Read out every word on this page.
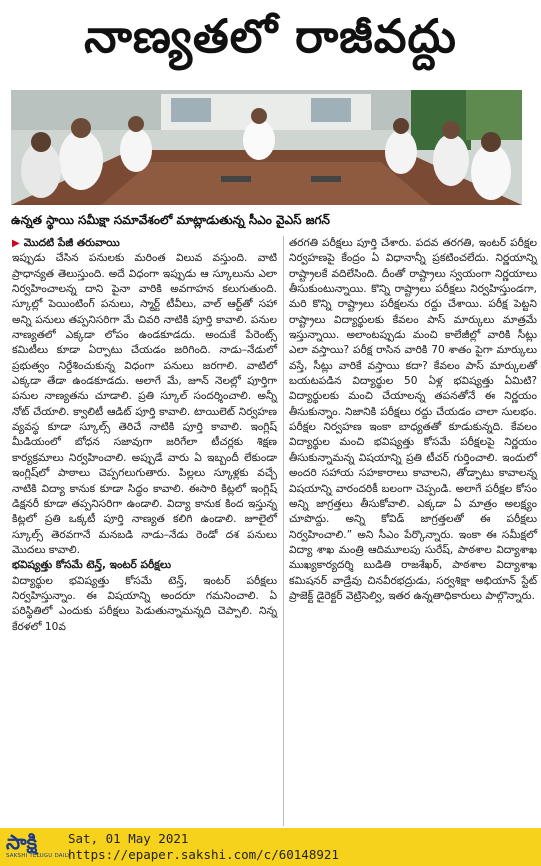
నాణ్యతలో రాజీవద్దు
ఉన్నత స్థాయి సమీక్షా సమావేశంలో మాట్లాడుతున్న సీఎం వైఎస్‌ జగన్‌

▶ మొదటి పేజీ తరువాయి

ఇప్పుడు చేసిన పనులకు మరింత విలువ వస్తుంది. వాటి ప్రాధాన్యత తెలుస్తుంది. అదే విధంగా ఇప్పుడు ఆ స్కూలును ఎలా నిర్వహించాలన్న దాని పైనా వారికి అవగాహన కలుగుతుంది. స్కూల్లో పెయింటింగ్‌ పనులు, స్మార్ట్‌ టీవీలు, వాల్‌ ఆర్ట్‌తో సహా అన్ని పనులు తప్పనిసరిగా మే చివరి నాటికి పూర్తి కావాలి. పనుల నాణ్యతలో ఎక్కడా లోపం ఉండకూడదు. అందుకే పేరెంట్స్‌ కమిటీలు కూడా ఏర్పాటు చేయడం జరిగింది. నాడు–నేడులో ప్రభుత్వం నిర్దేశించుకున్న విధంగా పనులు జరగాలి. వాటిలో ఎక్కడా తేడా ఉండకూడదు. అలాగే మే, జూన్‌ నెలల్లో పూర్తిగా పనుల నాణ్యతను చూడాలి. ప్రతి స్కూల్‌ సందర్శించాలి. అన్నీ నోట్‌ చేయాలి. క్వాలిటీ ఆడిట్‌ పూర్తి కావాలి. టాయిలెట్‌ నిర్వహణ వ్యవస్థ కూడా స్కూల్స్‌ తెరిచే నాటికి పూర్తి కావాలి. ఇంగ్లిష్‌ మీడియంలో బోధన సజావుగా జరిగేలా టీచర్లకు శిక్షణ కార్యక్రమాలు నిర్వహించాలి. అప్పుడే వారు ఏ ఇబ్బందీ లేకుండా ఇంగ్లిష్‌లో పాఠాలు చెప్పగలుగుతారు. పిల్లలు స్కూళ్లకు వచ్చే నాటికి విద్యా కానుక కూడా సిద్ధం కావాలి. ఈసారి కిట్లలో ఇంగ్లిష్‌ డిక్షనరీ కూడా తప్పనిసరిగా ఉండాలి. విద్యా కానుక కింద ఇస్తున్న కిట్లలో ప్రతి ఒక్కటీ పూర్తి నాణ్యత కలిగి ఉండాలి. జూలైలో స్కూల్స్‌ తెరవగానే మనబడి నాడు–నేడు రెండో దశ పనులు మొదలు కావాలి.

భవిష్యత్తు కోసమే టెన్త్‌, ఇంటర్‌ పరీక్షలు

విద్యార్థుల భవిష్యత్తు కోసమే టెన్త్‌, ఇంటర్‌ పరీక్షలు నిర్వహిస్తున్నాం. ఈ విషయాన్ని అందరూ గమనించాలి. ఏ పరిస్థితిలో ఎందుకు పరీక్షలు పెడుతున్నామన్నది చెప్పాలి. నిన్న కేరళలో 10వ

తరగతి పరీక్షలు పూర్తి చేశారు. పదవ తరగతి, ఇంటర్‌ పరీక్షల నిర్వహణపై కేంద్రం ఏ విధానాన్నీ ప్రకటించలేదు. నిర్ణయాన్ని రాష్ట్రాలకే వదిలేసింది. దీంతో రాష్ట్రాలు స్వయంగా నిర్ణయాలు తీసుకుంటున్నాయి. కొన్ని రాష్ట్రాలు పరీక్షలు నిర్వహిస్తుండగా, మరి కొన్ని రాష్ట్రాలు పరీక్షలను రద్దు చేశాయి. పరీక్ష పెట్టని రాష్ట్రాలు విద్యార్థులకు కేవలం పాస్‌ మార్కులు మాత్రమే ఇస్తున్నాయి. అలాంటప్పుడు మంచి కాలేజీల్లో వారికి సీట్లు ఎలా వస్తాయి? పరీక్ష రాసిన వారికి 70 శాతం పైగా మార్కులు వస్తే, సీట్లు వారికే వస్తాయి కదా? కేవలం పాస్‌ మార్కులతో బయటపడిన విద్యార్థుల 50 ఏళ్ల భవిష్యత్తు ఏమిటి? విద్యార్థులకు మంచి చేయాలన్న తపనతోనే ఈ నిర్ణయం తీసుకున్నాం. నిజానికి పరీక్షలు రద్దు చేయడం చాలా సులభం. పరీక్షల నిర్వహణ ఇంకా బాధ్యతతో కూడుకున్నది. కేవలం విద్యార్థుల మంచి భవిష్యత్తు కోసమే పరీక్షలపై నిర్ణయం తీసుకున్నామన్న విషయాన్ని ప్రతి టీచర్‌ గుర్తించాలి. ఇందులో అందరి సహాయ సహకారాలు కావాలని, తోడ్పాటు కావాలన్న విషయాన్ని వారందరికీ బలంగా చెప్పండి. అలాగే పరీక్షల కోసం అన్ని జాగ్రత్తలు తీసుకోవాలి. ఎక్కడా ఏ మాత్రం అలక్ష్యం చూపొద్దు. అన్ని కోవిడ్‌ జాగ్రత్తలతో ఈ పరీక్షలు నిర్వహించాలి.” అని సీఎం పేర్కొన్నారు. ఇంకా ఈ సమీక్షలో విద్యా శాఖ మంత్రి ఆదిమూలపు సురేష్‌, పాఠశాల విద్యాశాఖ ముఖ్యకార్యదర్శి బుడితి రాజశేఖర్‌, పాఠశాల విద్యాశాఖ కమిషనర్‌ వాడ్రేవు చినవీరభద్రుడు, సర్వశిక్షా అభియాన్‌ స్టేట్‌ ప్రాజెక్ట్‌ డైరెక్టర్‌ వెట్రిసెల్వి, ఇతర ఉన్నతాధికారులు పాల్గొన్నారు.

సాక్షి
SAKSHI TELUGU DAILY
Sat, 01 May 2021
https://epaper.sakshi.com/c/60148921
